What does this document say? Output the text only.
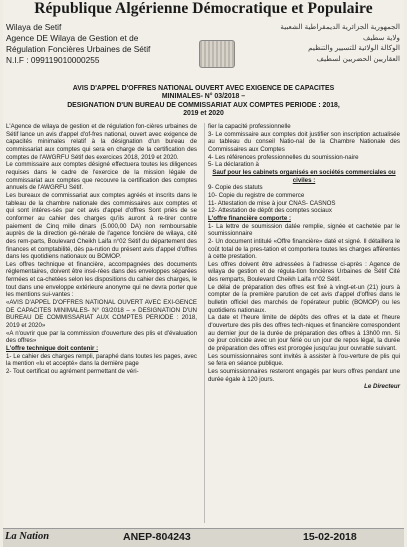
République Algérienne Démocratique et Populaire
Wilaya de Setif
Agence DE Wilaya de Gestion et de
Régulation Foncières Urbaines de Sétif
N.I.F : 099119010000255
الجمهورية الجزائرية الديمقراطية الشعبية
ولاية سطيف
الوكالة الولائية للتسيير والتنظيم
العقاريين الحضريين لسطيف
AVIS D'APPEL D'OFFRES NATIONAL OUVERT AVEC EXIGENCE DE CAPACITES
MINIMALES- N° 03/2018 –
DESIGNATION D'UN BUREAU DE COMMISSARIAT AUX COMPTES PERIODE : 2018,
2019 et 2020

L'Agence de wilaya de gestion et de régulation fon-cières urbaines de Sétif lance un avis d'appel d'of-fres national, ouvert avec exigence de capacités minimales relatif à la désignation d'un bureau de commissariat aux comptes qui sera en charge de la certification des comptes de l'AWGRFU Sétif des exercices 2018, 2019 et 2020.

Le commissaire aux comptes désigné effectuera toutes les diligences requises dans le cadre de l'exercice de la mission légale de commissariat aux comptes que recouvre la certification des comptes annuels de l'AWGRFU Sétif.

Les bureaux de commissariat aux comptes agréés et inscrits dans le tableau de la chambre nationale des commissaires aux comptes et qui sont intéres-sés par cet avis d'appel d'offres Sont priés de se conformer au cahier des charges qu'ils auront à re-tirer contre paiement de Cinq mille dinars (5.000,00 DA) non remboursable auprès de la direction gé-nérale de l'agence foncière de wilaya, cité des rem-parts, Boulevard Cheikh Laifa n°02 Sétif du département des finances et comptabilité, dès pa-rution du présent avis d'appel d'offres dans les quotidiens nationaux ou BOMOP.

Les offres technique et financière, accompagnées des documents réglementaires, doivent être insé-rées dans des enveloppes séparées fermées et ca-chetées selon les dispositions du cahier des charges, le tout dans une enveloppe extérieure anonyme qui ne devra porter que les mentions sui-vantes :

«AVIS D'APPEL D'OFFRES NATIONAL OUVERT AVEC EXI-GENCE DE CAPACITES MINIMALES- N° 03/2018 – » DESIGNATION D'UN BUREAU DE COMMISSARIAT AUX COMPTES PERIODE : 2018, 2019 et 2020»

«A n'ouvrir que par la commission d'ouverture des plis et d'évaluation des offres»

L'offre technique doit contenir :

1- Le cahier des charges rempli, paraphé dans toutes les pages, avec la mention «lu et accepté» dans la dernière page

2- Tout certificat ou agrément permettant de véri-

fier la capacité professionnelle

3- Le commissaire aux comptes doit justifier son inscription actualisée au tableau du conseil Natio-nal de la Chambre Nationale des Commissaires aux Comptes

4- Les références professionnelles du soumission-naire

5- La déclaration à

Sauf pour les cabinets organisés en sociétés commerciales ou civiles :

9- Copie des statuts

10- Copie du registre de commerce

11- Attestation de mise à jour CNAS- CASNOS

12- Attestation de dépôt des comptes sociaux

L'offre financière comporte :

1- La lettre de soumission datée remplie, signée et cachetée par le soumissionnaire

2- Un document intitulé «Offre financière» daté et signé. Il détaillera le coût total de la pres-tation et comportera toutes les charges afférentes à cette prestation.

Les offres doivent être adressées à l'adresse ci-après : Agence de wilaya de gestion et de régula-tion foncières Urbaines de Sétif Cité des remparts, Boulevard Cheikh Laifa n°02 Sétif.

Le délai de préparation des offres est fixé à vingt-et-un (21) jours à compter de la première parution de cet avis d'appel d'offres dans le bulletin officiel des marchés de l'opérateur public (BOMOP) ou les quotidiens nationaux.

La date et l'heure limite de dépôts des offres et la date et l'heure d'ouverture des plis des offres tech-niques et financière correspondent au dernier jour de la durée de préparation des offres à 13h00 mn. Si ce jour coïncide avec un jour férié ou un jour de repos légal, la durée de préparation des offres est prorogée jusqu'au jour ouvrable suivant.

Les soumissionnaires sont invités à assister à l'ou-verture de plis qui se fera en séance publique.

Les soumissionnaires resteront engagés par leurs offres pendant une durée égale à 120 jours.

Le Directeur

La Nation	ANEP-804243	15-02-2018
